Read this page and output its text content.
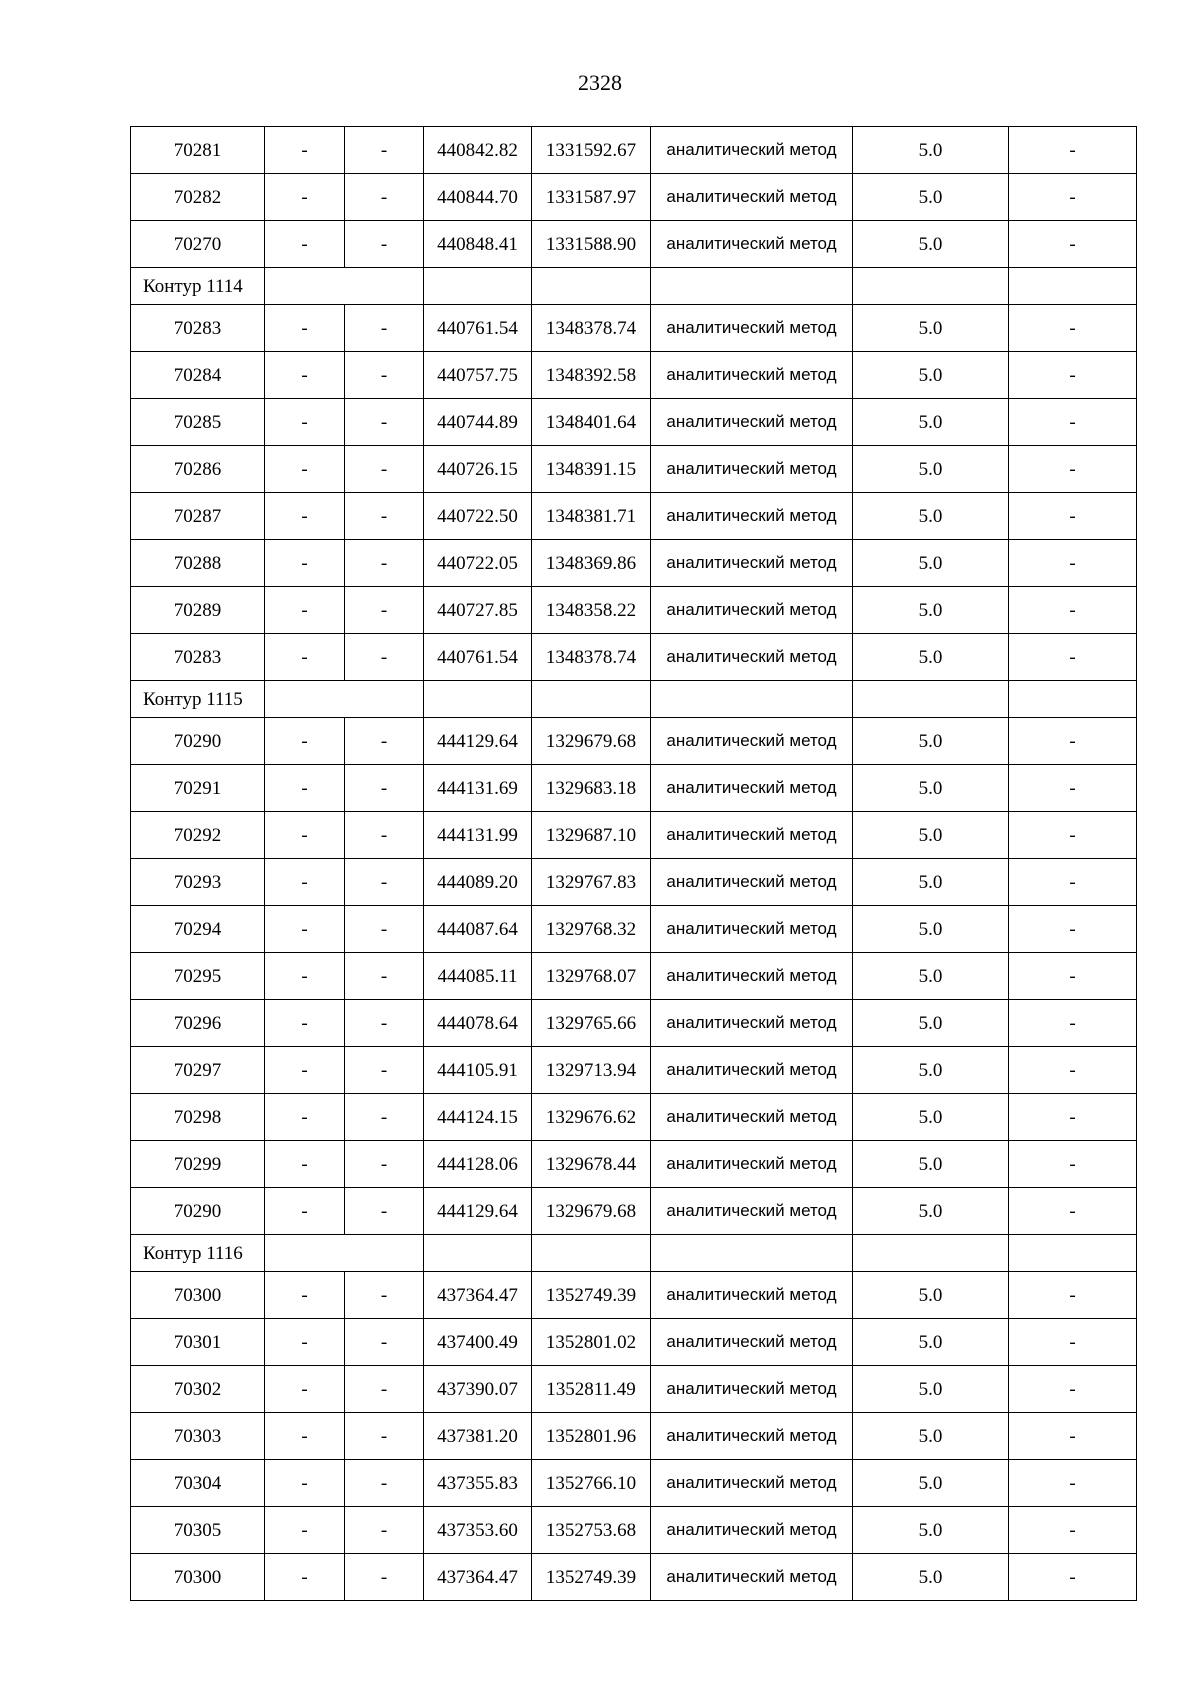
2328
70281	-	-	440842.82	1331592.67	аналитический метод	5.0	-
70282	-	-	440844.70	1331587.97	аналитический метод	5.0	-
70270	-	-	440848.41	1331588.90	аналитический метод	5.0	-
Контур 1114							
70283	-	-	440761.54	1348378.74	аналитический метод	5.0	-
70284	-	-	440757.75	1348392.58	аналитический метод	5.0	-
70285	-	-	440744.89	1348401.64	аналитический метод	5.0	-
70286	-	-	440726.15	1348391.15	аналитический метод	5.0	-
70287	-	-	440722.50	1348381.71	аналитический метод	5.0	-
70288	-	-	440722.05	1348369.86	аналитический метод	5.0	-
70289	-	-	440727.85	1348358.22	аналитический метод	5.0	-
70283	-	-	440761.54	1348378.74	аналитический метод	5.0	-
Контур 1115							
70290	-	-	444129.64	1329679.68	аналитический метод	5.0	-
70291	-	-	444131.69	1329683.18	аналитический метод	5.0	-
70292	-	-	444131.99	1329687.10	аналитический метод	5.0	-
70293	-	-	444089.20	1329767.83	аналитический метод	5.0	-
70294	-	-	444087.64	1329768.32	аналитический метод	5.0	-
70295	-	-	444085.11	1329768.07	аналитический метод	5.0	-
70296	-	-	444078.64	1329765.66	аналитический метод	5.0	-
70297	-	-	444105.91	1329713.94	аналитический метод	5.0	-
70298	-	-	444124.15	1329676.62	аналитический метод	5.0	-
70299	-	-	444128.06	1329678.44	аналитический метод	5.0	-
70290	-	-	444129.64	1329679.68	аналитический метод	5.0	-
Контур 1116							
70300	-	-	437364.47	1352749.39	аналитический метод	5.0	-
70301	-	-	437400.49	1352801.02	аналитический метод	5.0	-
70302	-	-	437390.07	1352811.49	аналитический метод	5.0	-
70303	-	-	437381.20	1352801.96	аналитический метод	5.0	-
70304	-	-	437355.83	1352766.10	аналитический метод	5.0	-
70305	-	-	437353.60	1352753.68	аналитический метод	5.0	-
70300	-	-	437364.47	1352749.39	аналитический метод	5.0	-
